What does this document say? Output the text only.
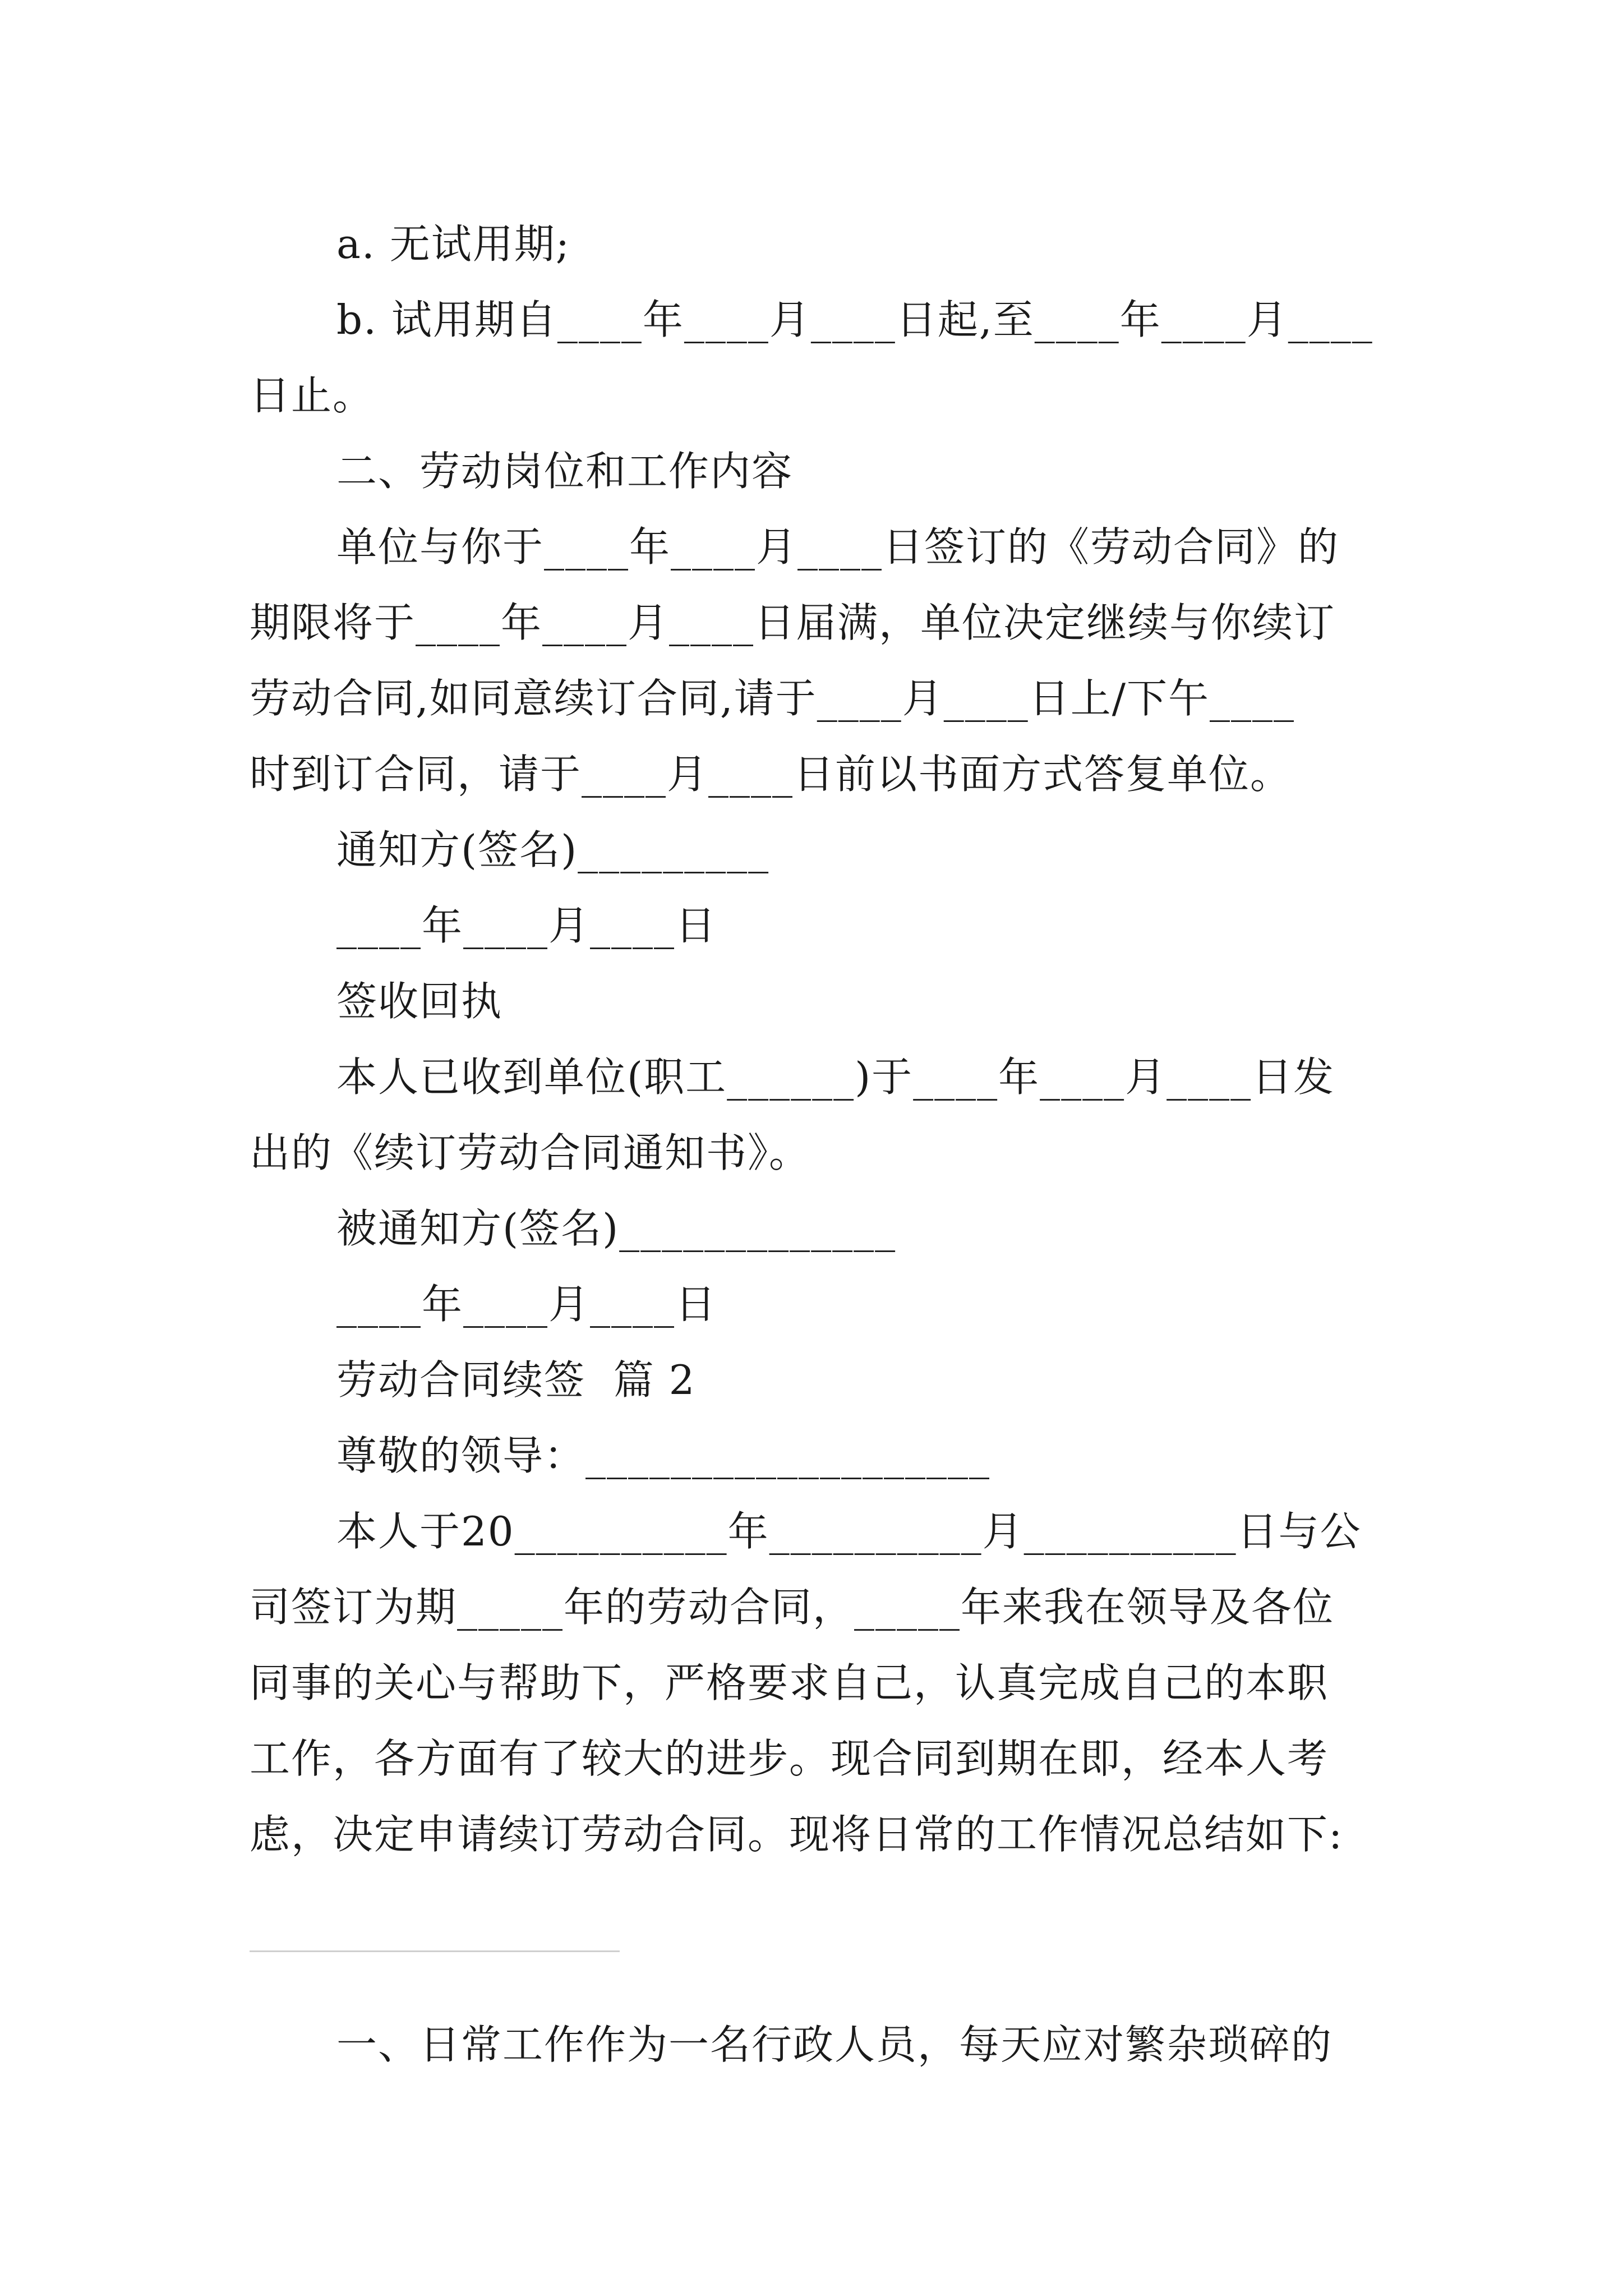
a. 无试用期;
b. 试用期自____年____月____日起,至____年____月____
日止。
二、劳动岗位和工作内容
单位与你于____年____月____日签订的《劳动合同》的
期限将于____年____月____日届满，单位决定继续与你续订
劳动合同,如同意续订合同,请于____月____日上/下午____
时到订合同，请于____月____日前以书面方式答复单位。
通知方(签名)_________
____年____月____日
签收回执
本人已收到单位(职工______)于____年____月____日发
出的《续订劳动合同通知书》。
被通知方(签名)_____________
____年____月____日
劳动合同续签  篇 2
尊敬的领导：___________________
本人于20__________年__________月__________日与公
司签订为期_____年的劳动合同，_____年来我在领导及各位
同事的关心与帮助下，严格要求自己，认真完成自己的本职
工作，各方面有了较大的进步。现合同到期在即，经本人考
虑，决定申请续订劳动合同。现将日常的工作情况总结如下:
一、日常工作作为一名行政人员，每天应对繁杂琐碎的
